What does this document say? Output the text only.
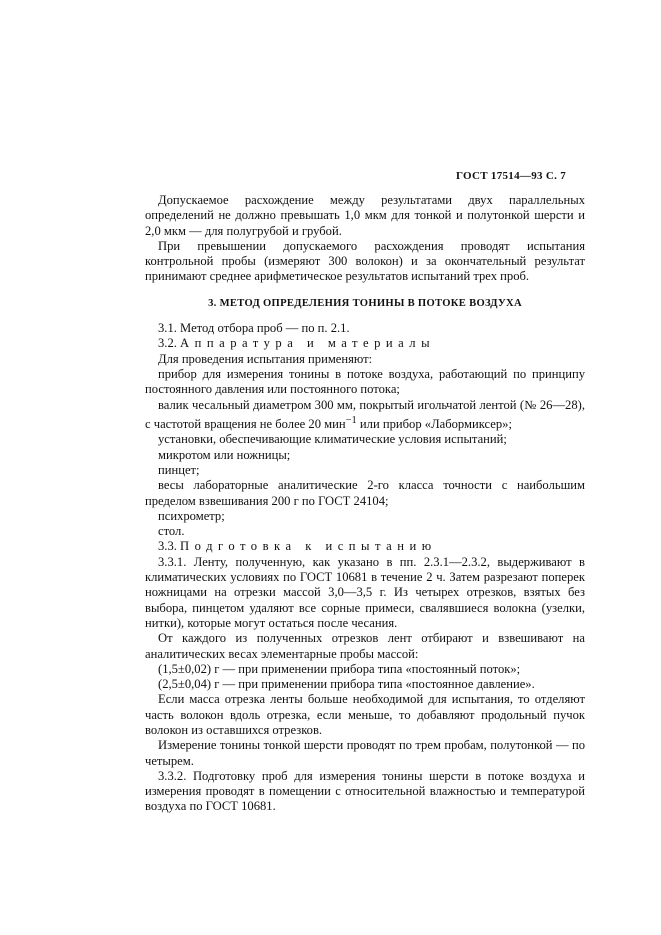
ГОСТ 17514—93 С. 7

Допускаемое расхождение между результатами двух параллельных определений не должно превышать 1,0 мкм для тонкой и полутонкой шерсти и 2,0 мкм — для полугрубой и грубой.

При превышении допускаемого расхождения проводят испытания контрольной пробы (измеряют 300 волокон) и за окончательный результат принимают среднее арифметическое результатов испытаний трех проб.

3. МЕТОД ОПРЕДЕЛЕНИЯ ТОНИНЫ В ПОТОКЕ ВОЗДУХА

3.1. Метод отбора проб — по п. 2.1.

3.2. Аппаратура и материалы

Для проведения испытания применяют:

прибор для измерения тонины в потоке воздуха, работающий по принципу постоянного давления или постоянного потока;

валик чесальный диаметром 300 мм, покрытый игольчатой лентой (№ 26—28), с частотой вращения не более 20 мин$^{-1}$ или прибор «Лабормиксер»;

установки, обеспечивающие климатические условия испытаний;

микротом или ножницы;

пинцет;

весы лабораторные аналитические 2-го класса точности с наибольшим пределом взвешивания 200 г по ГОСТ 24104;

психрометр;

стол.

3.3. Подготовка к испытанию

3.3.1. Ленту, полученную, как указано в пп. 2.3.1—2.3.2, выдерживают в климатических условиях по ГОСТ 10681 в течение 2 ч. Затем разрезают поперек ножницами на отрезки массой 3,0—3,5 г. Из четырех отрезков, взятых без выбора, пинцетом удаляют все сорные примеси, свалявшиеся волокна (узелки, нитки), которые могут остаться после чесания.

От каждого из полученных отрезков лент отбирают и взвешивают на аналитических весах элементарные пробы массой:

(1,5±0,02) г — при применении прибора типа «постоянный поток»;

(2,5±0,04) г — при применении прибора типа «постоянное давление».

Если масса отрезка ленты больше необходимой для испытания, то отделяют часть волокон вдоль отрезка, если меньше, то добавляют продольный пучок волокон из оставшихся отрезков.

Измерение тонины тонкой шерсти проводят по трем пробам, полутонкой — по четырем.

3.3.2. Подготовку проб для измерения тонины шерсти в потоке воздуха и измерения проводят в помещении с относительной влажностью и температурой воздуха по ГОСТ 10681.
